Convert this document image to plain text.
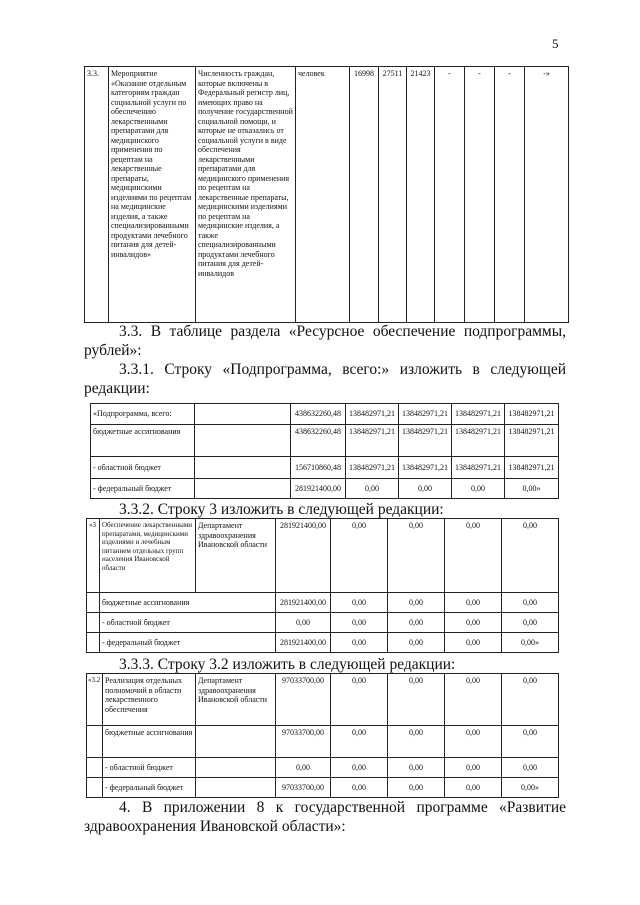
5
3.3.	Мероприятие «Оказание отдельным категориям граждан социальной услуги по обеспечению лекарственными препаратами для медицинского применения по рецептам на лекарственные препараты, медицинскими изделиями по рецептам на медицинские изделия, а также специализированными продуктами лечебного питания для детей-инвалидов»	Численность граждан, которые включены в Федеральный регистр лиц, имеющих право на получение государственной социальной помощи, и которые не отказались от социальной услуги в виде обеспечения лекарственными препаратами для медицинского применения по рецептам на лекарственные препараты, медицинскими изделиями по рецептам на медицинские изделия, а также специализированными продуктами лечебного питания для детей-инвалидов	человек	16998	27511	21423	-	-	-	-»
3.3. В таблице раздела «Ресурсное обеспечение подпрограммы,
рублей»:
3.3.1. Строку «Подпрограмма, всего:» изложить в следующей
редакции:
«Подпрограмма, всего:		438632260,48	138482971,21	138482971,21	138482971,21	138482971,21
бюджетные ассигнования		438632260,48	138482971,21	138482971,21	138482971,21	138482971,21
- областной бюджет		156710860,48	138482971,21	138482971,21	138482971,21	138482971,21
- федеральный бюджет		281921400,00	0,00	0,00	0,00	0,00»
3.3.2. Строку 3 изложить в следующей редакции:
«3	Обеспечение лекарственными препаратами, медицинскими изделиями и лечебным питанием отдельных групп населения Ивановской области	Департамент здравоохранения Ивановской области	281921400,00	0,00	0,00	0,00	0,00
	бюджетные ассигнования		281921400,00	0,00	0,00	0,00	0,00
	- областной бюджет		0,00	0,00	0,00	0,00	0,00
	- федеральный бюджет		281921400,00	0,00	0,00	0,00	0,00»
3.3.3. Строку 3.2 изложить в следующей редакции:
«3.2	Реализация отдельных полномочий в области лекарственного обеспечения	Департамент здравоохранения Ивановской области	97033700,00	0,00	0,00	0,00	0,00
	бюджетные ассигнования		97033700,00	0,00	0,00	0,00	0,00
	- областной бюджет		0,00	0,00	0,00	0,00	0,00
	- федеральный бюджет		97033700,00	0,00	0,00	0,00	0,00»
4. В приложении 8 к государственной программе «Развитие
здравоохранения Ивановской области»:
